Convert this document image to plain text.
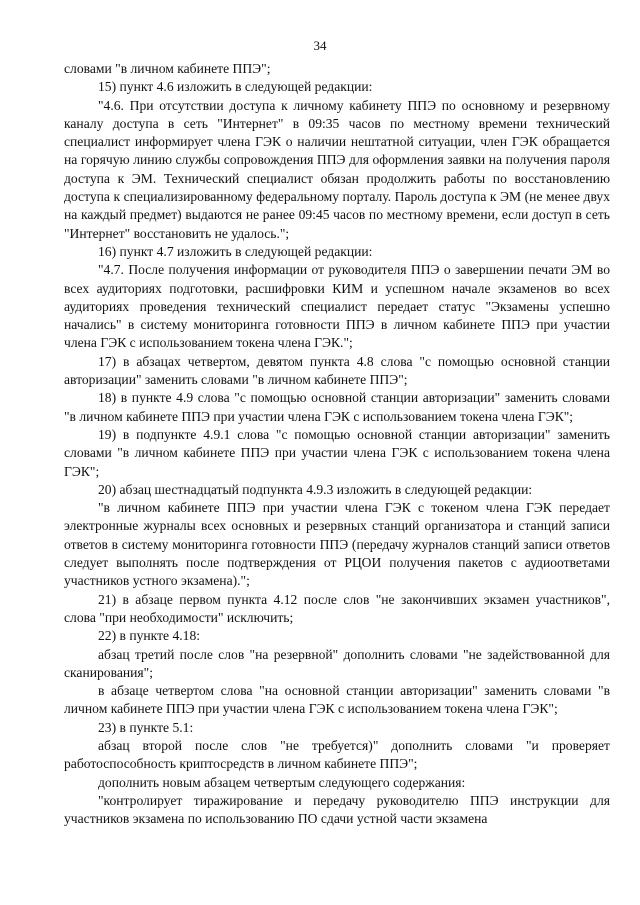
34

словами "в личном кабинете ППЭ";

15) пункт 4.6 изложить в следующей редакции:

"4.6. При отсутствии доступа к личному кабинету ППЭ по основному и резервному каналу доступа в сеть "Интернет" в 09:35 часов по местному времени технический специалист информирует члена ГЭК о наличии нештатной ситуации, член ГЭК обращается на горячую линию службы сопровождения ППЭ для оформления заявки на получения пароля доступа к ЭМ. Технический специалист обязан продолжить работы по восстановлению доступа к специализированному федеральному порталу. Пароль доступа к ЭМ (не менее двух на каждый предмет) выдаются не ранее 09:45 часов по местному времени, если доступ в сеть "Интернет" восстановить не удалось.";

16) пункт 4.7 изложить в следующей редакции:

"4.7. После получения информации от руководителя ППЭ о завершении печати ЭМ во всех аудиториях подготовки, расшифровки КИМ и успешном начале экзаменов во всех аудиториях проведения технический специалист передает статус "Экзамены успешно начались" в систему мониторинга готовности ППЭ в личном кабинете ППЭ при участии члена ГЭК с использованием токена члена ГЭК.";

17) в абзацах четвертом, девятом пункта 4.8 слова "с помощью основной станции авторизации" заменить словами "в личном кабинете ППЭ";

18) в пункте 4.9 слова "с помощью основной станции авторизации" заменить словами "в личном кабинете ППЭ при участии члена ГЭК с использованием токена члена ГЭК";

19) в подпункте 4.9.1 слова "с помощью основной станции авторизации" заменить словами "в личном кабинете ППЭ при участии члена ГЭК с использованием токена члена ГЭК";

20) абзац шестнадцатый подпункта 4.9.3 изложить в следующей редакции:

"в личном кабинете ППЭ при участии члена ГЭК с токеном члена ГЭК передает электронные журналы всех основных и резервных станций организатора и станций записи ответов в систему мониторинга готовности ППЭ (передачу журналов станций записи ответов следует выполнять после подтверждения от РЦОИ получения пакетов с аудиоответами участников устного экзамена).";

21) в абзаце первом пункта 4.12 после слов "не закончивших экзамен участников", слова "при необходимости" исключить;

22) в пункте 4.18:

абзац третий после слов "на резервной" дополнить словами "не задействованной для сканирования";

в абзаце четвертом слова "на основной станции авторизации" заменить словами "в личном кабинете ППЭ при участии члена ГЭК с использованием токена члена ГЭК";

23) в пункте 5.1:

абзац второй после слов "не требуется)" дополнить словами "и проверяет работоспособность криптосредств в личном кабинете ППЭ";

дополнить новым абзацем четвертым следующего содержания:

"контролирует тиражирование и передачу руководителю ППЭ инструкции для участников экзамена по использованию ПО сдачи устной части экзамена
